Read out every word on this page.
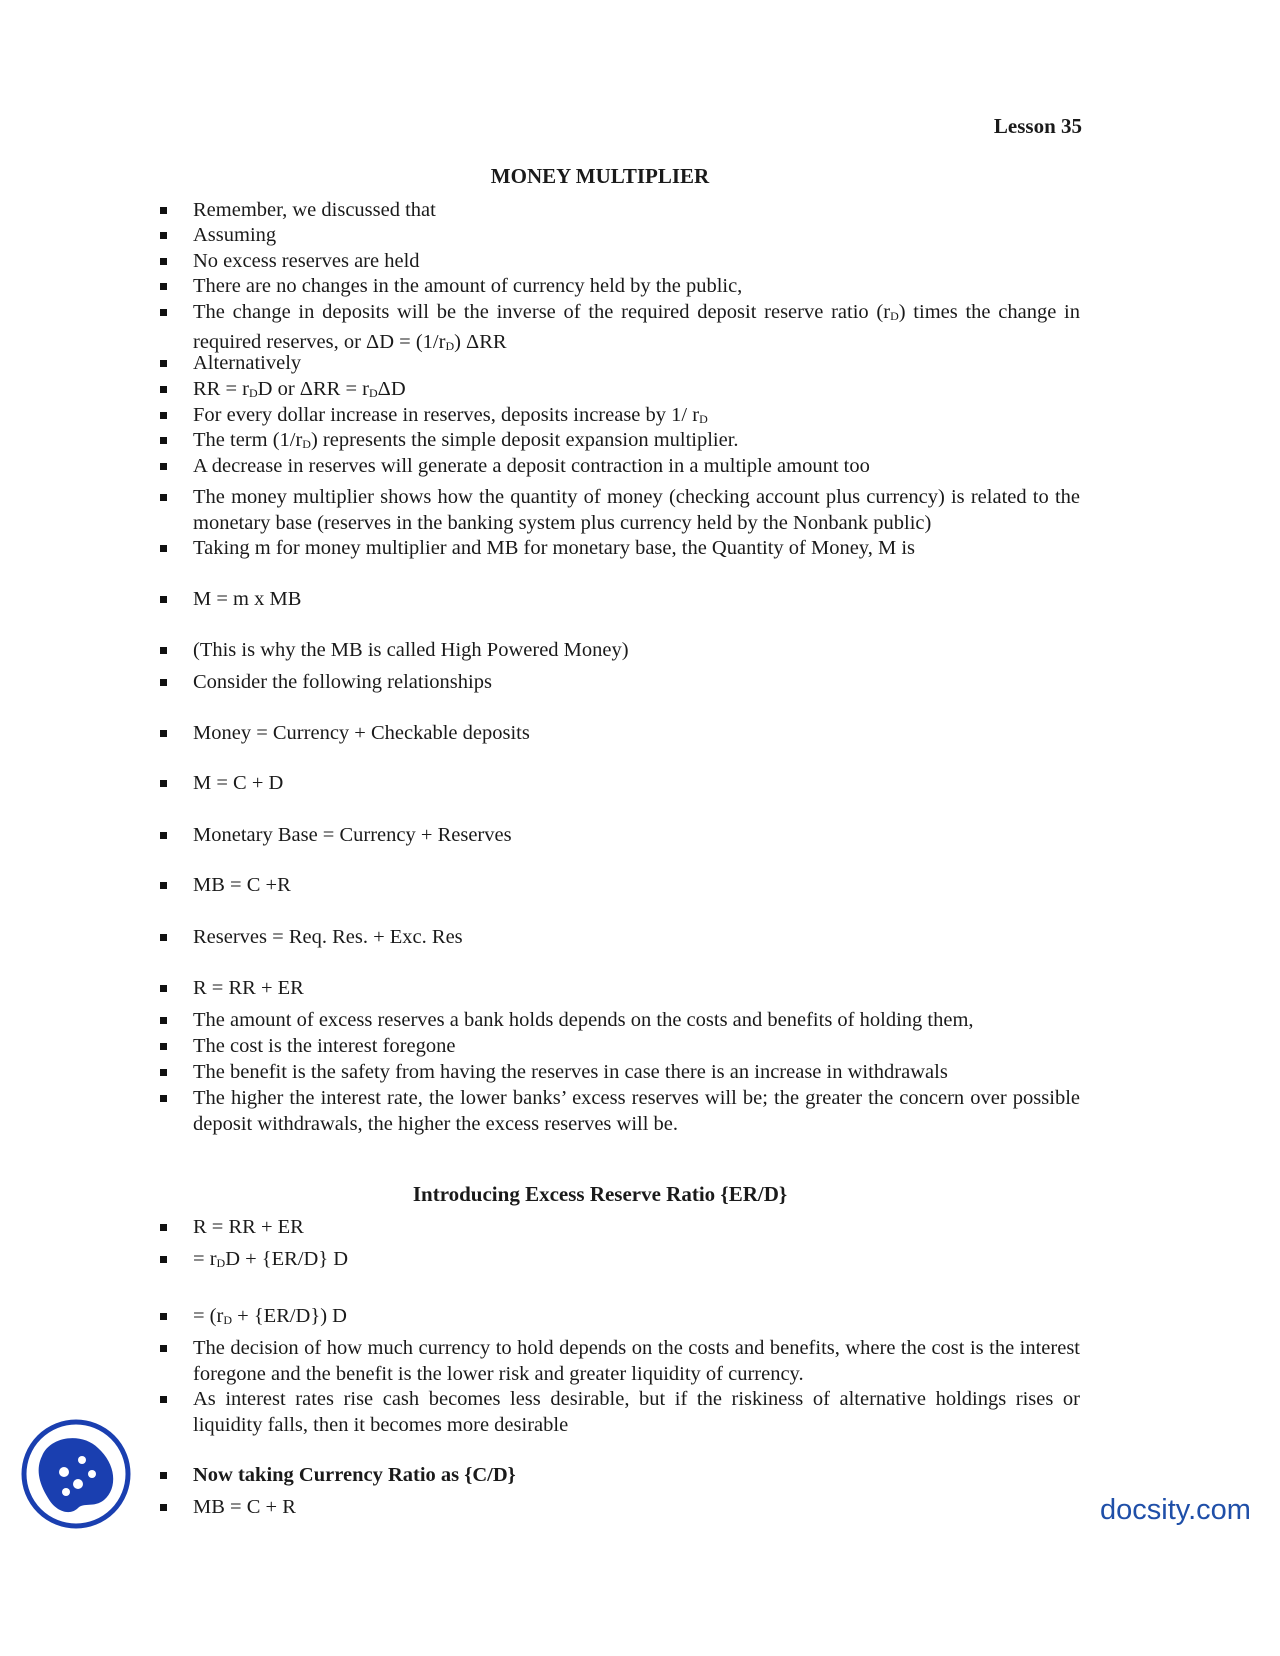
Lesson 35
MONEY MULTIPLIER
Remember, we discussed that
Assuming
No excess reserves are held
There are no changes in the amount of currency held by the public,
The change in deposits will be the inverse of the required deposit reserve ratio $(r_D)$ times the change in required reserves, or $\Delta D = (1/r_D)$ ΔRR
Alternatively
RR = $r_DD$ or $\Delta RR = r_D\Delta D$
For every dollar increase in reserves, deposits increase by 1/ $r_D$
The term $(1/r_D)$ represents the simple deposit expansion multiplier.
A decrease in reserves will generate a deposit contraction in a multiple amount too
The money multiplier shows how the quantity of money (checking account plus currency) is related to the monetary base (reserves in the banking system plus currency held by the Nonbank public)
Taking m for money multiplier and MB for monetary base, the Quantity of Money, M is
M = m x MB
(This is why the MB is called High Powered Money)
Consider the following relationships
Money = Currency + Checkable deposits
M = C + D
Monetary Base = Currency + Reserves
MB = C +R
Reserves = Req. Res. + Exc. Res
R = RR + ER
The amount of excess reserves a bank holds depends on the costs and benefits of holding them,
The cost is the interest foregone
The benefit is the safety from having the reserves in case there is an increase in withdrawals
The higher the interest rate, the lower banks’ excess reserves will be; the greater the concern over possible deposit withdrawals, the higher the excess reserves will be.
Introducing Excess Reserve Ratio {ER/D}
R = RR + ER
= $r_DD + \{ER/D\}$ D
= $(r_D + \{ER/D\})$ D
The decision of how much currency to hold depends on the costs and benefits, where the cost is the interest foregone and the benefit is the lower risk and greater liquidity of currency.
As interest rates rise cash becomes less desirable, but if the riskiness of alternative holdings rises or liquidity falls, then it becomes more desirable
Now taking Currency Ratio as {C/D}
MB = C + R	docsity.com
